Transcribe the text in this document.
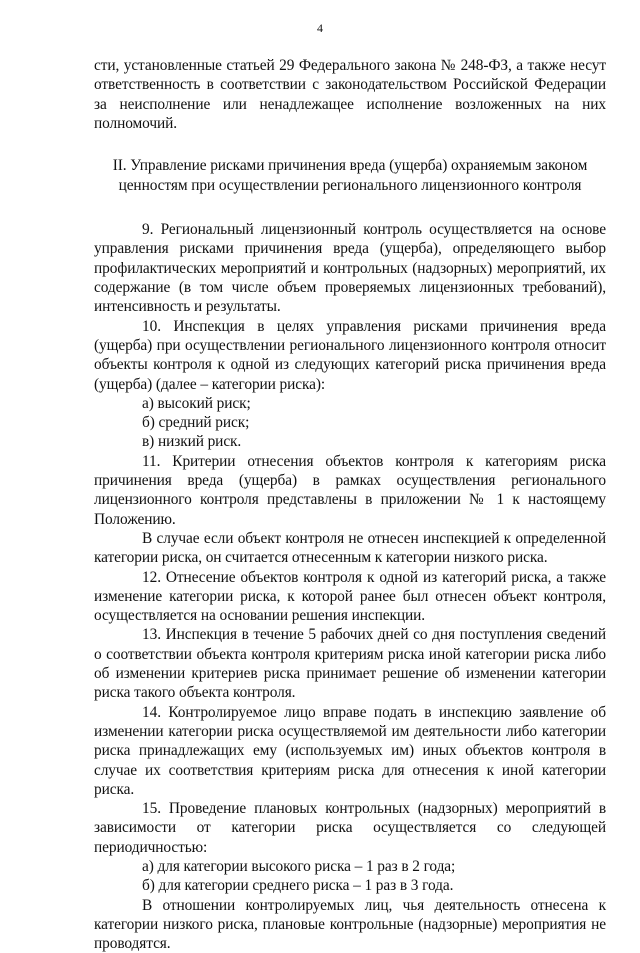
4

сти, установленные статьей 29 Федерального закона № 248-ФЗ, а также несут ответственность в соответствии с законодательством Российской Федерации за неисполнение или ненадлежащее исполнение возложенных на них полномочий.

II. Управление рисками причинения вреда (ущерба) охраняемым законом ценностям при осуществлении регионального лицензионного контроля

9. Региональный лицензионный контроль осуществляется на основе управления рисками причинения вреда (ущерба), определяющего выбор профилактических мероприятий и контрольных (надзорных) мероприятий, их содержание (в том числе объем проверяемых лицензионных требований), интенсивность и результаты.

10. Инспекция в целях управления рисками причинения вреда (ущерба) при осуществлении регионального лицензионного контроля относит объекты контроля к одной из следующих категорий риска причинения вреда (ущерба) (далее – категории риска):

а) высокий риск;

б) средний риск;

в) низкий риск.

11. Критерии отнесения объектов контроля к категориям риска причинения вреда (ущерба) в рамках осуществления регионального лицензионного контроля представлены в приложении № 1 к настоящему Положению.

В случае если объект контроля не отнесен инспекцией к определенной категории риска, он считается отнесенным к категории низкого риска.

12. Отнесение объектов контроля к одной из категорий риска, а также изменение категории риска, к которой ранее был отнесен объект контроля, осуществляется на основании решения инспекции.

13. Инспекция в течение 5 рабочих дней со дня поступления сведений о соответствии объекта контроля критериям риска иной категории риска либо об изменении критериев риска принимает решение об изменении категории риска такого объекта контроля.

14. Контролируемое лицо вправе подать в инспекцию заявление об изменении категории риска осуществляемой им деятельности либо категории риска принадлежащих ему (используемых им) иных объектов контроля в случае их соответствия критериям риска для отнесения к иной категории риска.

15. Проведение плановых контрольных (надзорных) мероприятий в зависимости от категории риска осуществляется со следующей периодичностью:

а) для категории высокого риска – 1 раз в 2 года;

б) для категории среднего риска – 1 раз в 3 года.

В отношении контролируемых лиц, чья деятельность отнесена к категории низкого риска, плановые контрольные (надзорные) мероприятия не проводятся.
